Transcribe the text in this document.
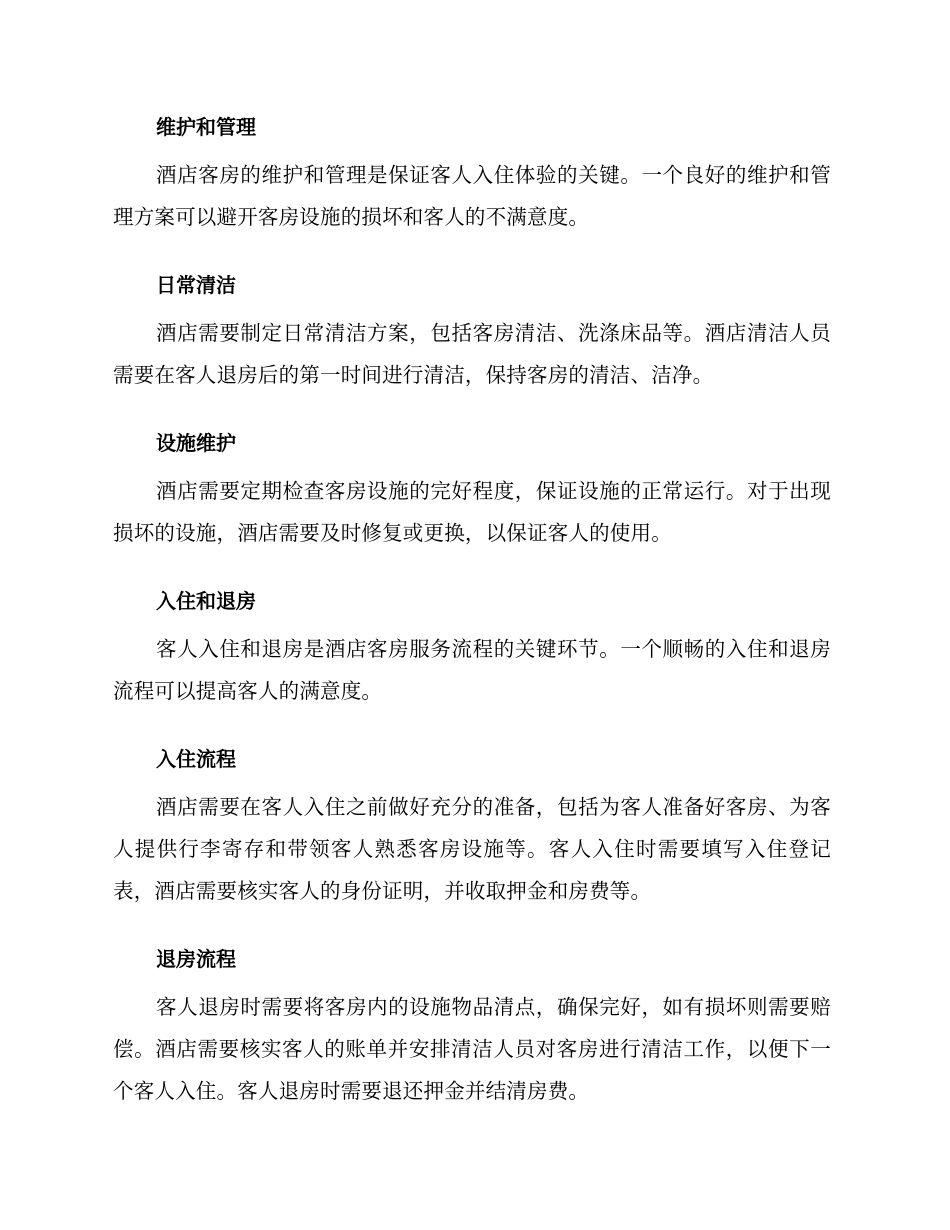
维护和管理

酒店客房的维护和管理是保证客人入住体验的关键。一个良好的维护和管理方案可以避开客房设施的损坏和客人的不满意度。

日常清洁

酒店需要制定日常清洁方案，包括客房清洁、洗涤床品等。酒店清洁人员需要在客人退房后的第一时间进行清洁，保持客房的清洁、洁净。

设施维护

酒店需要定期检查客房设施的完好程度，保证设施的正常运行。对于出现损坏的设施，酒店需要及时修复或更换，以保证客人的使用。

入住和退房

客人入住和退房是酒店客房服务流程的关键环节。一个顺畅的入住和退房流程可以提高客人的满意度。

入住流程

酒店需要在客人入住之前做好充分的准备，包括为客人准备好客房、为客人提供行李寄存和带领客人熟悉客房设施等。客人入住时需要填写入住登记表，酒店需要核实客人的身份证明，并收取押金和房费等。

退房流程

客人退房时需要将客房内的设施物品清点，确保完好，如有损坏则需要赔偿。酒店需要核实客人的账单并安排清洁人员对客房进行清洁工作，以便下一个客人入住。客人退房时需要退还押金并结清房费。
